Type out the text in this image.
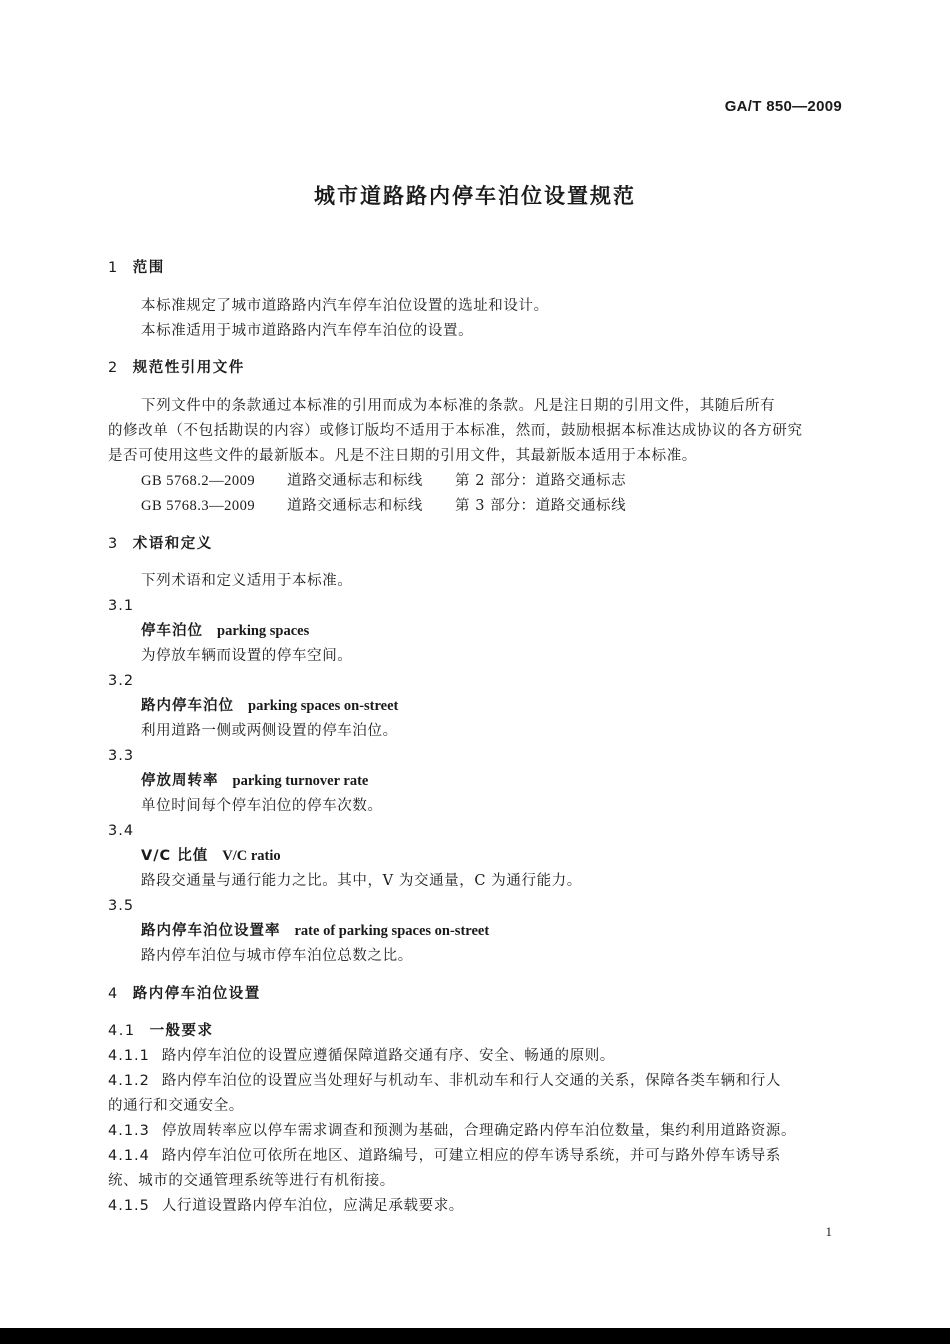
GA/T 850—2009
城市道路路内停车泊位设置规范
1 范围
本标准规定了城市道路路内汽车停车泊位设置的选址和设计。
本标准适用于城市道路路内汽车停车泊位的设置。
2 规范性引用文件
下列文件中的条款通过本标准的引用而成为本标准的条款。凡是注日期的引用文件，其随后所有
的修改单（不包括勘误的内容）或修订版均不适用于本标准，然而，鼓励根据本标准达成协议的各方研究
是否可使用这些文件的最新版本。凡是不注日期的引用文件，其最新版本适用于本标准。
GB 5768.2—2009 道路交通标志和标线 第 2 部分：道路交通标志
GB 5768.3—2009 道路交通标志和标线 第 3 部分：道路交通标线
3 术语和定义
下列术语和定义适用于本标准。
3.1
停车泊位 parking spaces
为停放车辆而设置的停车空间。
3.2
路内停车泊位 parking spaces on-street
利用道路一侧或两侧设置的停车泊位。
3.3
停放周转率 parking turnover rate
单位时间每个停车泊位的停车次数。
3.4
V/C 比值 V/C ratio
路段交通量与通行能力之比。其中，V 为交通量，C 为通行能力。
3.5
路内停车泊位设置率 rate of parking spaces on-street
路内停车泊位与城市停车泊位总数之比。
4 路内停车泊位设置
4.1 一般要求
4.1.1 路内停车泊位的设置应遵循保障道路交通有序、安全、畅通的原则。
4.1.2 路内停车泊位的设置应当处理好与机动车、非机动车和行人交通的关系，保障各类车辆和行人
的通行和交通安全。
4.1.3 停放周转率应以停车需求调查和预测为基础，合理确定路内停车泊位数量，集约利用道路资源。
4.1.4 路内停车泊位可依所在地区、道路编号，可建立相应的停车诱导系统，并可与路外停车诱导系
统、城市的交通管理系统等进行有机衔接。
4.1.5 人行道设置路内停车泊位，应满足承载要求。
1
